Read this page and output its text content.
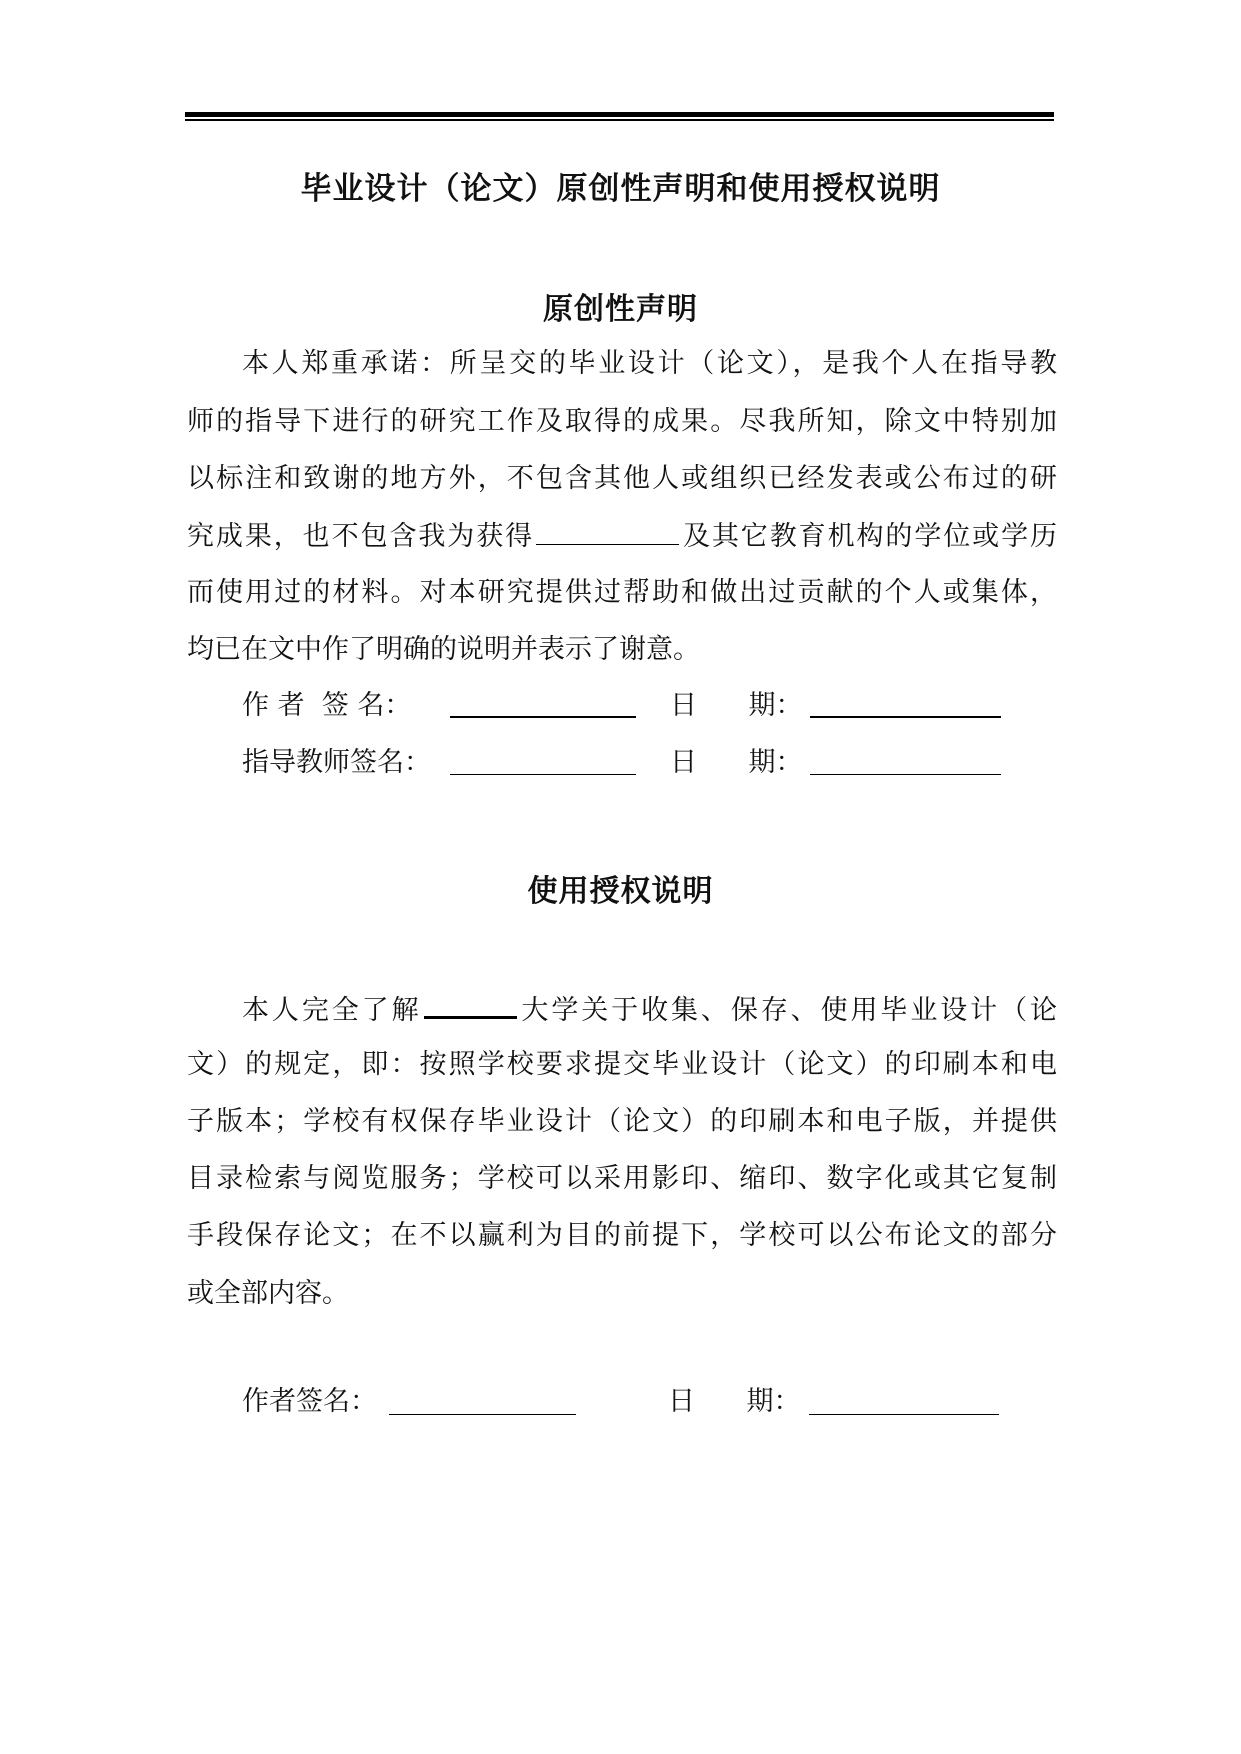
毕业设计（论文）原创性声明和使用授权说明
原创性声明
本人郑重承诺：所呈交的毕业设计（论文），是我个人在指导教
师的指导下进行的研究工作及取得的成果。尽我所知，除文中特别加
以标注和致谢的地方外，不包含其他人或组织已经发表或公布过的研
究成果，也不包含我为获得	及其它教育机构的学位或学历
而使用过的材料。对本研究提供过帮助和做出过贡献的个人或集体，
均已在文中作了明确的说明并表示了谢意。
作 者  签 名：	日      期：
指导教师签名：	日      期：
使用授权说明
本人完全了解	大学关于收集、保存、使用毕业设计（论
文）的规定，即：按照学校要求提交毕业设计（论文）的印刷本和电
子版本；学校有权保存毕业设计（论文）的印刷本和电子版，并提供
目录检索与阅览服务；学校可以采用影印、缩印、数字化或其它复制
手段保存论文；在不以赢利为目的前提下，学校可以公布论文的部分
或全部内容。
作者签名：	日      期：
